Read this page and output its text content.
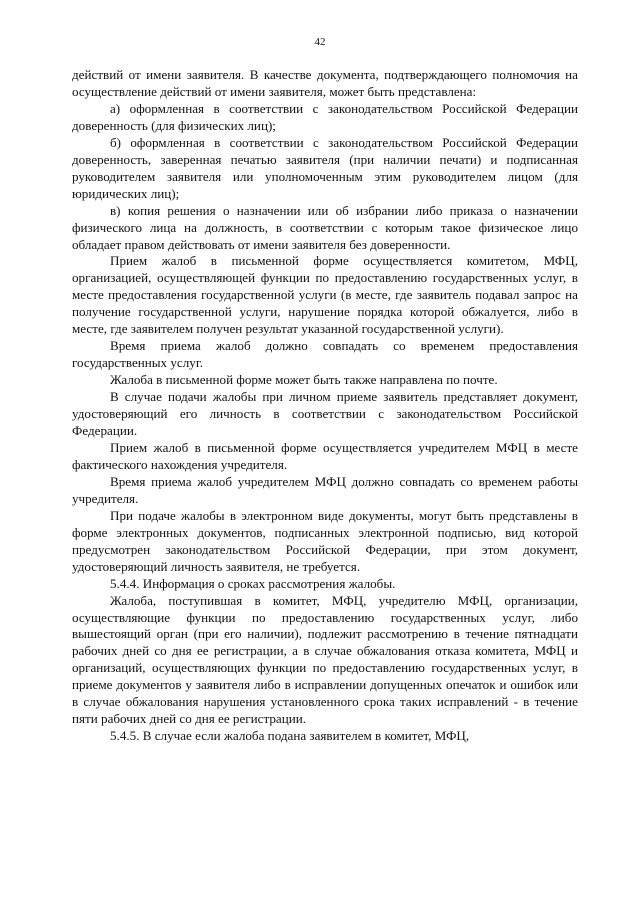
42

действий от имени заявителя. В качестве документа, подтверждающего полномочия на осуществление действий от имени заявителя, может быть представлена:

а) оформленная в соответствии с законодательством Российской Федерации доверенность (для физических лиц);

б) оформленная в соответствии с законодательством Российской Федерации доверенность, заверенная печатью заявителя (при наличии печати) и подписанная руководителем заявителя или уполномоченным этим руководителем лицом (для юридических лиц);

в) копия решения о назначении или об избрании либо приказа о назначении физического лица на должность, в соответствии с которым такое физическое лицо обладает правом действовать от имени заявителя без доверенности.

Прием жалоб в письменной форме осуществляется комитетом, МФЦ, организацией, осуществляющей функции по предоставлению государственных услуг, в месте предоставления государственной услуги (в месте, где заявитель подавал запрос на получение государственной услуги, нарушение порядка которой обжалуется, либо в месте, где заявителем получен результат указанной государственной услуги).

Время приема жалоб должно совпадать со временем предоставления государственных услуг.

Жалоба в письменной форме может быть также направлена по почте.

В случае подачи жалобы при личном приеме заявитель представляет документ, удостоверяющий его личность в соответствии с законодательством Российской Федерации.

Прием жалоб в письменной форме осуществляется учредителем МФЦ в месте фактического нахождения учредителя.

Время приема жалоб учредителем МФЦ должно совпадать со временем работы учредителя.

При подаче жалобы в электронном виде документы, могут быть представлены в форме электронных документов, подписанных электронной подписью, вид которой предусмотрен законодательством Российской Федерации, при этом документ, удостоверяющий личность заявителя, не требуется.

5.4.4. Информация о сроках рассмотрения жалобы.

Жалоба, поступившая в комитет, МФЦ, учредителю МФЦ, организации, осуществляющие функции по предоставлению государственных услуг, либо вышестоящий орган (при его наличии), подлежит рассмотрению в течение пятнадцати рабочих дней со дня ее регистрации, а в случае обжалования отказа комитета, МФЦ и организаций, осуществляющих функции по предоставлению государственных услуг, в приеме документов у заявителя либо в исправлении допущенных опечаток и ошибок или в случае обжалования нарушения установленного срока таких исправлений - в течение пяти рабочих дней со дня ее регистрации.

5.4.5. В случае если жалоба подана заявителем в комитет, МФЦ,
